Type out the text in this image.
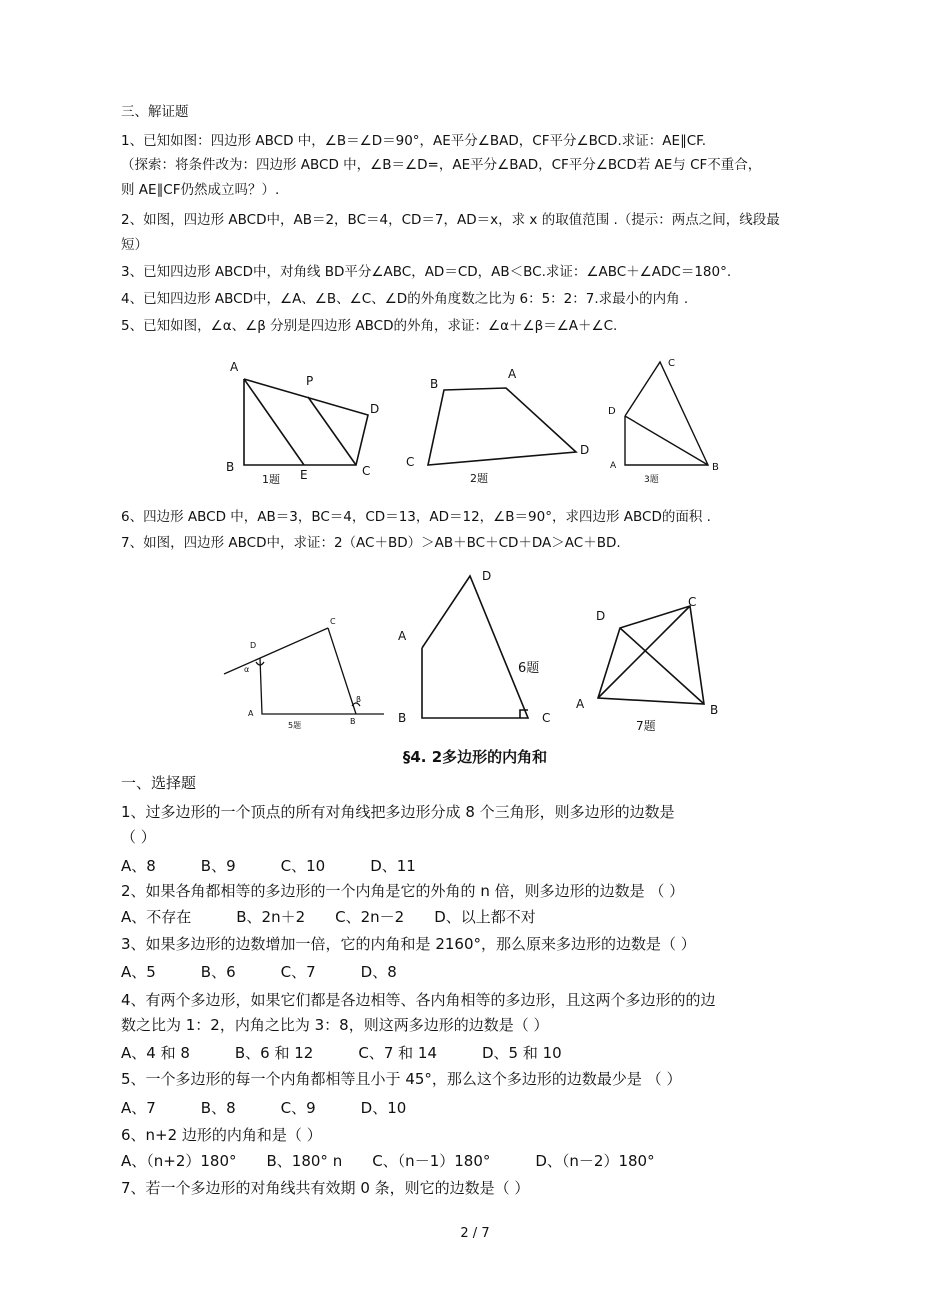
三、解证题
1、已知如图：四边形 ABCD 中，∠B＝∠D＝90°，AE平分∠BAD，CF平分∠BCD.求证：AE∥CF.
（探索：将条件改为：四边形 ABCD 中，∠B＝∠D=，AE平分∠BAD，CF平分∠BCD若 AE与 CF不重合，
则 AE∥CF仍然成立吗？）.
2、如图，四边形 ABCD中，AB＝2，BC＝4，CD＝7，AD＝x，求 x 的取值范围 .（提示：两点之间，线段最
短）
3、已知四边形 ABCD中，对角线 BD平分∠ABC，AD＝CD，AB＜BC.求证：∠ABC＋∠ADC＝180°.
4、已知四边形 ABCD中，∠A、∠B、∠C、∠D的外角度数之比为 6：5：2：7.求最小的内角 .
5、已知如图，∠α、∠β 分别是四边形 ABCD的外角，求证：∠α＋∠β＝∠A＋∠C.
A
P
D
B
E	C
1题
B
A
D
C
2题
C
D
A	B
3题
6、四边形 ABCD 中，AB＝3，BC＝4，CD＝13，AD＝12，∠B＝90°，求四边形 ABCD的面积 .
7、如图，四边形 ABCD中，求证：2（AC＋BD）＞AB＋BC＋CD＋DA＞AC＋BD.
C
D
α
β
A
B
5题
D
A
6题
B	C
D
C
A	B
7题
§4. 2多边形的内角和
一、选择题
1、过多边形的一个顶点的所有对角线把多边形分成 8 个三角形，则多边形的边数是
（ ）
A、8　　　B、9　　　C、10　　　D、11
2、如果各角都相等的多边形的一个内角是它的外角的 n 倍，则多边形的边数是 （ ）
A、不存在　　　B、2n＋2　　C、2n－2　　D、以上都不对
3、如果多边形的边数增加一倍，它的内角和是 2160°，那么原来多边形的边数是（ ）
A、5　　　B、6　　　C、7　　　D、8
4、有两个多边形，如果它们都是各边相等、各内角相等的多边形，且这两个多边形的的边
数之比为 1：2，内角之比为 3：8，则这两多边形的边数是（ ）
A、4 和 8　　　B、6 和 12　　　C、7 和 14　　　D、5 和 10
5、一个多边形的每一个内角都相等且小于 45°，那么这个多边形的边数最少是 （ ）
A、7　　　B、8　　　C、9　　　D、10
6、n+2 边形的内角和是（ ）
A、（n+2）180°　　B、180° n　　C、（n－1）180°　　　D、（n－2）180°
7、若一个多边形的对角线共有效期 0 条，则它的边数是（ ）
2 / 7
